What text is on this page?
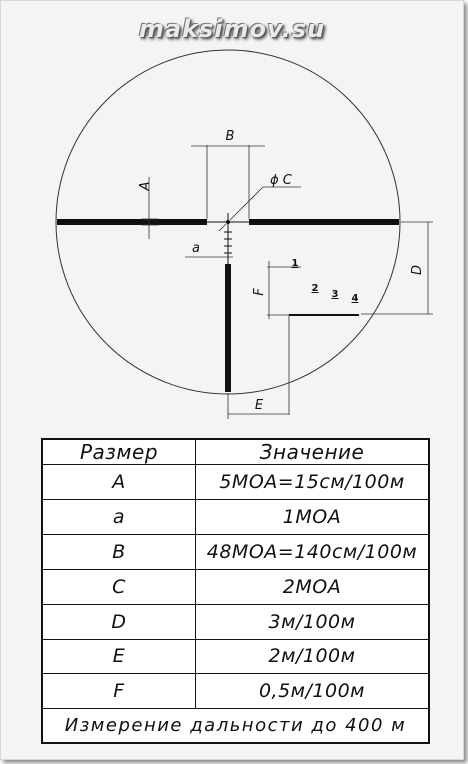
maksimov.su
B
A	ϕ C
a
D
F
1
2
3 4
E
Размер	Значение
A	5MOA=15см/100м
a	1MOA
B	48MOA=140см/100м
C	2MOA
D	3м/100м
E	2м/100м
F	0,5м/100м
Измерение дальности до 400 м	
